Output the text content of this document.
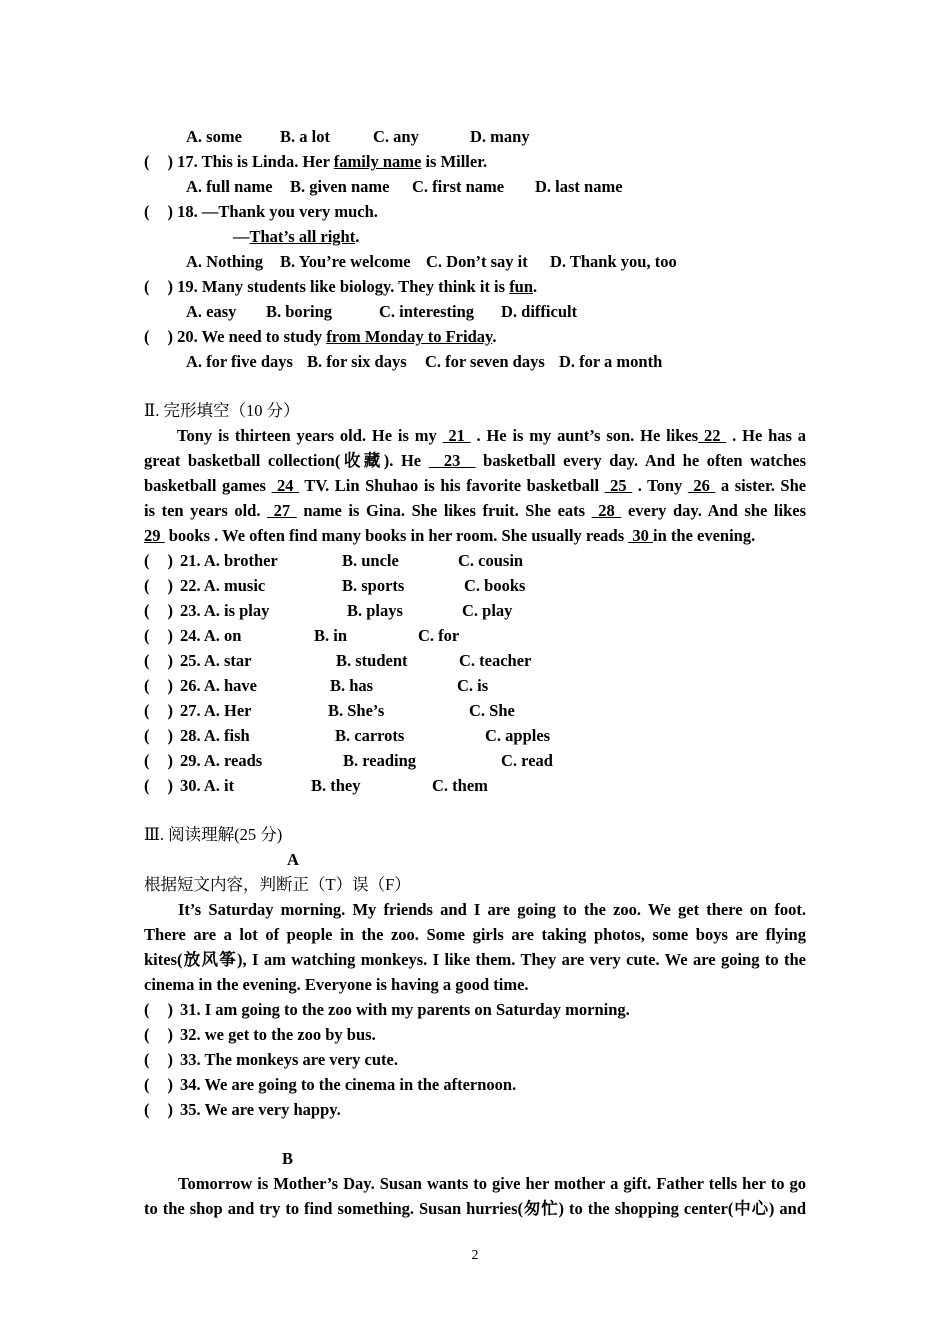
A. some B. a lot	C. any	D. many
( ) 17. This is Linda. Her family name is Miller.
A. full name B. given name C. first name D. last name
( ) 18. —Thank you very much.
—That’s all right.
A. Nothing B. You’re welcome C. Don’t say it D. Thank you, too
( ) 19. Many students like biology. They think it is fun.
A. easy B. boring	C. interesting D. difficult
( ) 20. We need to study from Monday to Friday.
A. for five days B. for six days C. for seven days D. for a month
Ⅱ. 完形填空（10 分）
Tony is thirteen years old. He is my  21  . He is my aunt’s son. He likes 22  . He has a
great basketball collection(收藏). He   23   basketball every day. And he often watches
basketball games  24  TV. Lin Shuhao is his favorite basketball  25  . Tony  26  a sister. She
is ten years old.  27  name is Gina. She likes fruit. She eats  28  every day. And she likes
29  books . We often find many books in her room. She usually reads  30 in the evening.
( ) 21. A. brother	B. uncle	C. cousin
( ) 22. A. music	B. sports	C. books
( ) 23. A. is play	B. plays	C. play
( ) 24. A. on	B. in	C. for
( ) 25. A. star	B. student	C. teacher
( ) 26. A. have	B. has	C. is
( ) 27. A. Her	B. She’s	C. She
( ) 28. A. fish	B. carrots	C. apples
( ) 29. A. reads	B. reading	C. read
( ) 30. A. it	B. they	C. them
Ⅲ. 阅读理解(25 分)
A
根据短文内容，判断正（T）误（F）
It’s Saturday morning. My friends and I are going to the zoo. We get there on foot.
There are a lot of people in the zoo. Some girls are taking photos, some boys are flying
kites(放风筝), I am watching monkeys. I like them. They are very cute. We are going to the
cinema in the evening. Everyone is having a good time.
( ) 31. I am going to the zoo with my parents on Saturday morning.
( ) 32. we get to the zoo by bus.
( ) 33. The monkeys are very cute.
( ) 34. We are going to the cinema in the afternoon.
( ) 35. We are very happy.
B
Tomorrow is Mother’s Day. Susan wants to give her mother a gift. Father tells her to go
to the shop and try to find something. Susan hurries(匆忙) to the shopping center(中心) and
2
